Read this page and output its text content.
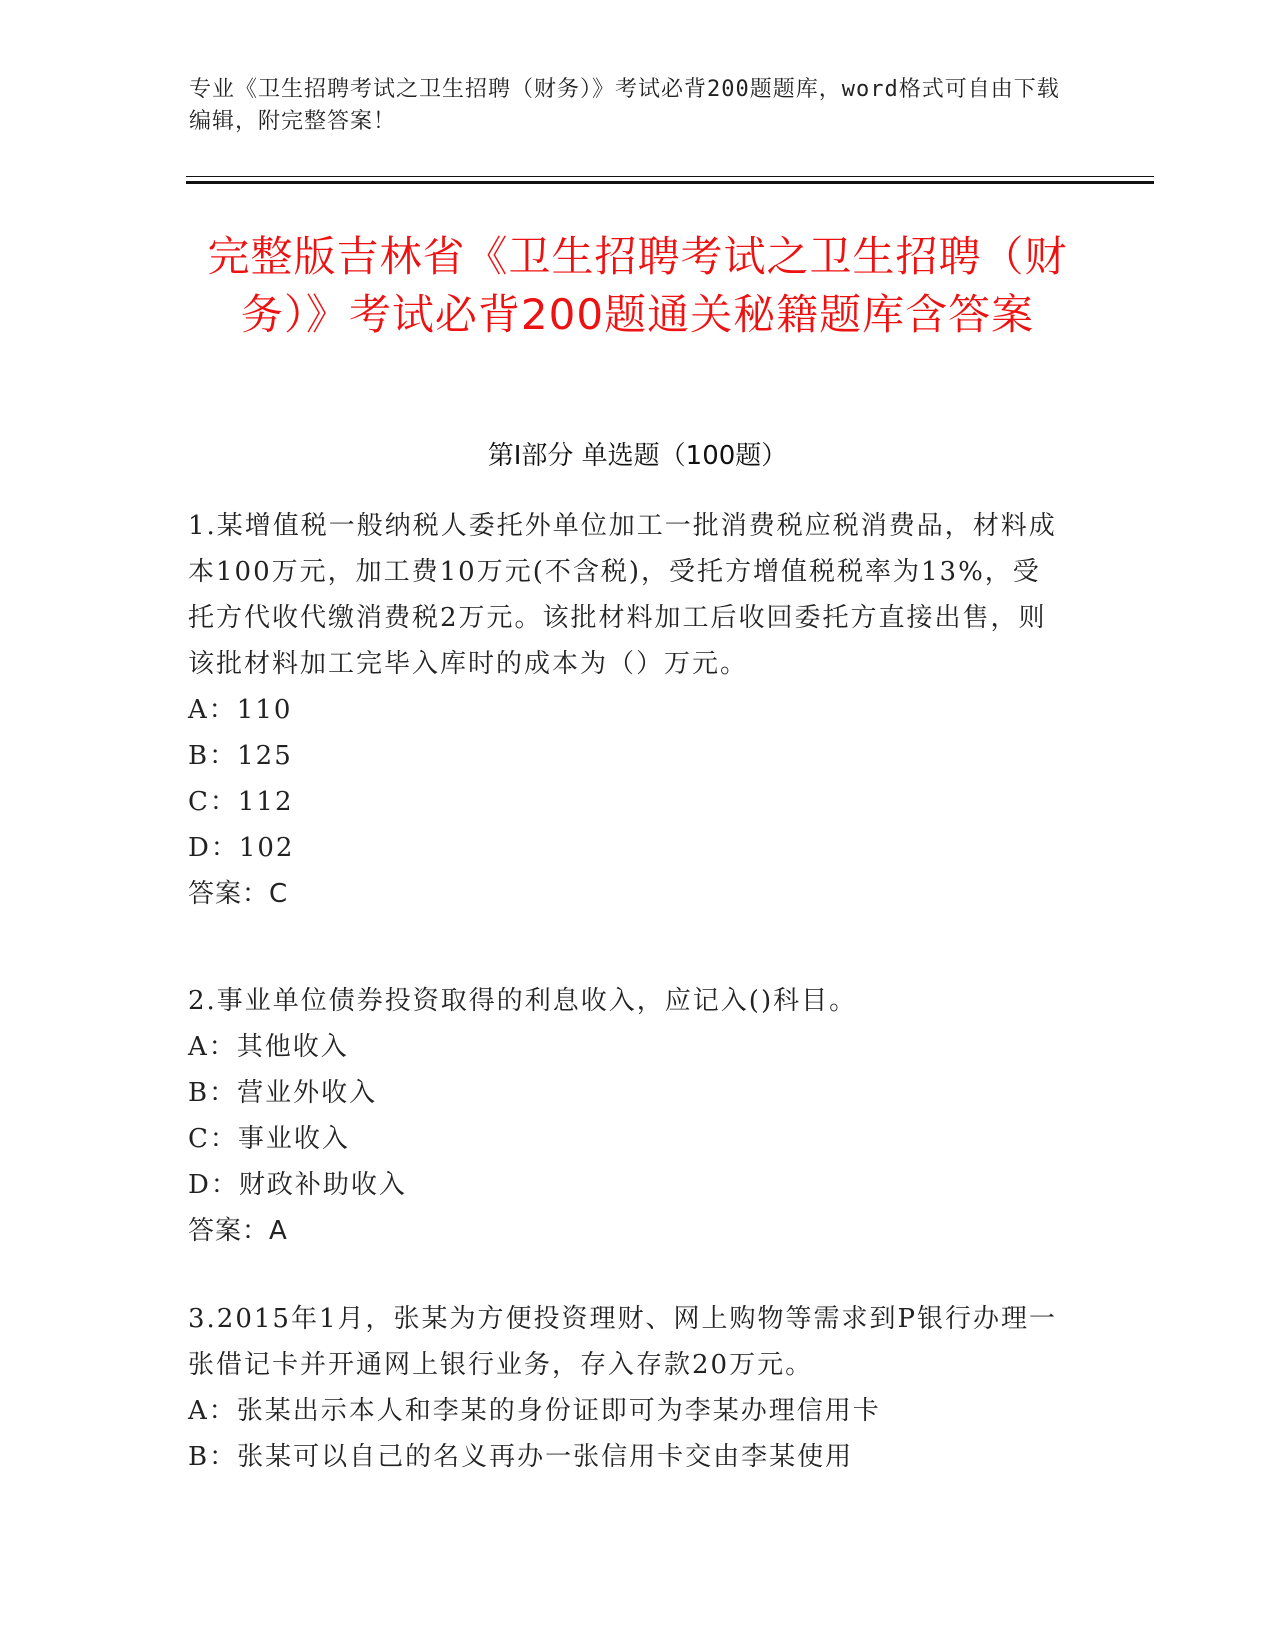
专业《卫生招聘考试之卫生招聘（财务）》考试必背200题题库，word格式可自由下载编辑，附完整答案！
完整版吉林省《卫生招聘考试之卫生招聘（财务）》考试必背200题通关秘籍题库含答案
第I部分 单选题（100题）

1.某增值税一般纳税人委托外单位加工一批消费税应税消费品，材料成本100万元，加工费10万元(不含税)，受托方增值税税率为13%，受托方代收代缴消费税2万元。该批材料加工后收回委托方直接出售，则该批材料加工完毕入库时的成本为（）万元。

A：110

B：125

C：112

D：102

答案：C

2.事业单位债券投资取得的利息收入，应记入()科目。

A：其他收入

B：营业外收入

C：事业收入

D：财政补助收入

答案：A

3.2015年1月，张某为方便投资理财、网上购物等需求到P银行办理一张借记卡并开通网上银行业务，存入存款20万元。

A：张某出示本人和李某的身份证即可为李某办理信用卡

B：张某可以自己的名义再办一张信用卡交由李某使用
